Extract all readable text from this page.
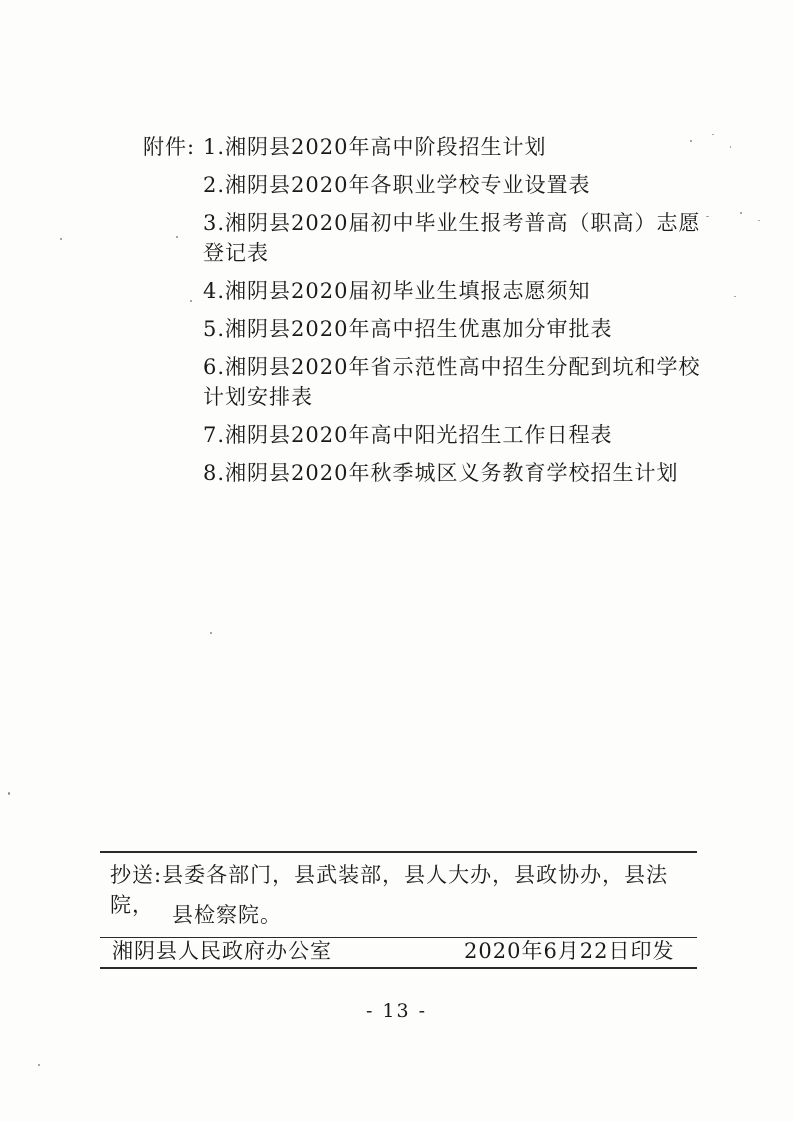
附件: 1.湘阴县2020年高中阶段招生计划
2.湘阴县2020年各职业学校专业设置表
3.湘阴县2020届初中毕业生报考普高（职高）志愿登记表
4.湘阴县2020届初毕业生填报志愿须知
5.湘阴县2020年高中招生优惠加分审批表
6.湘阴县2020年省示范性高中招生分配到坑和学校计划安排表
7.湘阴县2020年高中阳光招生工作日程表
8.湘阴县2020年秋季城区义务教育学校招生计划
抄送:县委各部门，县武装部，县人大办，县政协办，县法院， 县检察院。
湘阴县人民政府办公室	2020年6月22日印发
- 13 -
